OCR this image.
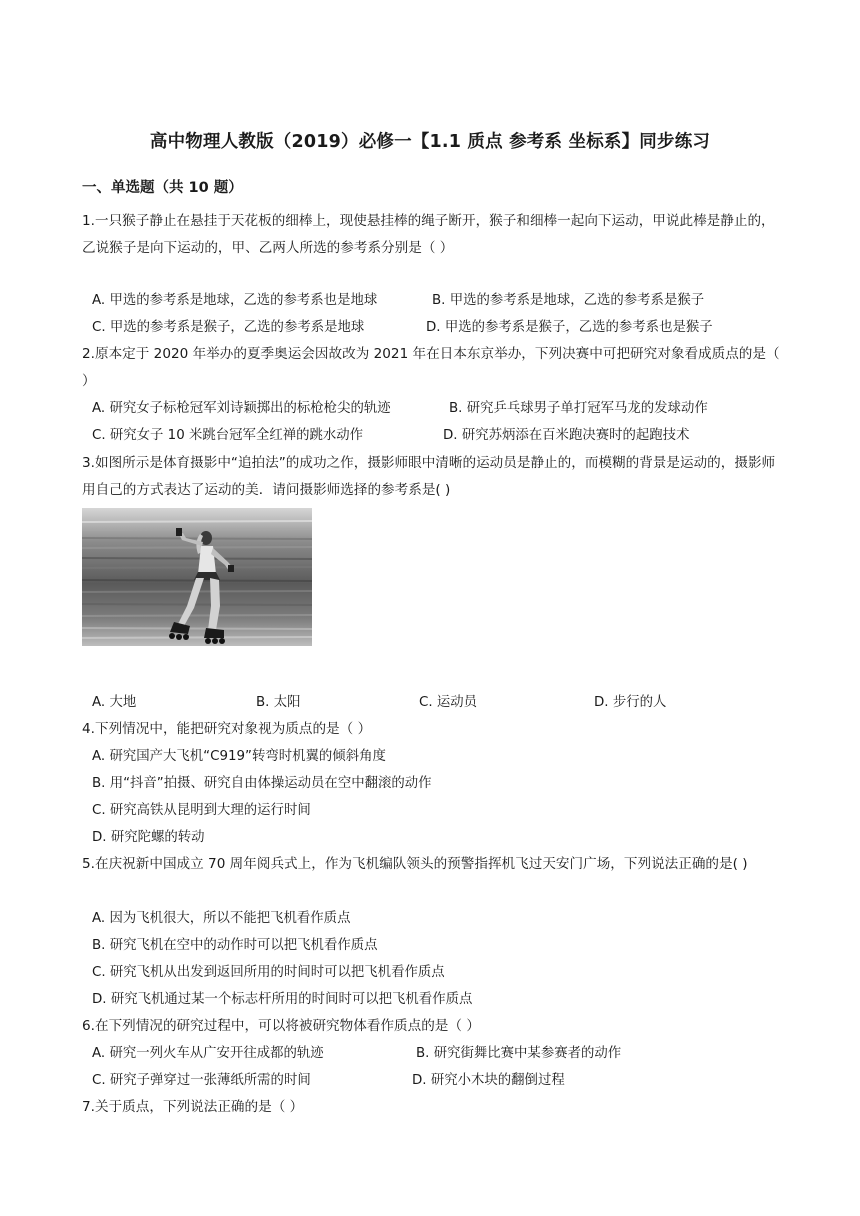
高中物理人教版（2019）必修一【1.1 质点 参考系 坐标系】同步练习
一、单选题（共 10 题）
1.一只猴子静止在悬挂于天花板的细棒上，现使悬挂棒的绳子断开，猴子和细棒一起向下运动，甲说此棒是静止的，乙说猴子是向下运动的，甲、乙两人所选的参考系分别是（ ）
A. 甲选的参考系是地球，乙选的参考系也是地球	B. 甲选的参考系是地球，乙选的参考系是猴子
C. 甲选的参考系是猴子，乙选的参考系是地球	D. 甲选的参考系是猴子，乙选的参考系也是猴子
2.原本定于 2020 年举办的夏季奥运会因故改为 2021 年在日本东京举办，下列决赛中可把研究对象看成质点的是（ ）
A. 研究女子标枪冠军刘诗颖掷出的标枪枪尖的轨迹	B. 研究乒乓球男子单打冠军马龙的发球动作
C. 研究女子 10 米跳台冠军全红禅的跳水动作	D. 研究苏炳添在百米跑决赛时的起跑技术
3.如图所示是体育摄影中“追拍法”的成功之作，摄影师眼中清晰的运动员是静止的，而模糊的背景是运动的，摄影师用自己的方式表达了运动的美．请问摄影师选择的参考系是( )
A. 大地	B. 太阳	C. 运动员	D. 步行的人
4.下列情况中，能把研究对象视为质点的是（ ）
A. 研究国产大飞机“C919”转弯时机翼的倾斜角度
B. 用“抖音”拍摄、研究自由体操运动员在空中翻滚的动作
C. 研究高铁从昆明到大理的运行时间
D. 研究陀螺的转动
5.在庆祝新中国成立 70 周年阅兵式上，作为飞机编队领头的预警指挥机飞过天安门广场，下列说法正确的是( )
A. 因为飞机很大，所以不能把飞机看作质点
B. 研究飞机在空中的动作时可以把飞机看作质点
C. 研究飞机从出发到返回所用的时间时可以把飞机看作质点
D. 研究飞机通过某一个标志杆所用的时间时可以把飞机看作质点
6.在下列情况的研究过程中，可以将被研究物体看作质点的是（ ）
A. 研究一列火车从广安开往成都的轨迹	B. 研究街舞比赛中某参赛者的动作
C. 研究子弹穿过一张薄纸所需的时间	D. 研究小木块的翻倒过程
7.关于质点，下列说法正确的是（ ）
